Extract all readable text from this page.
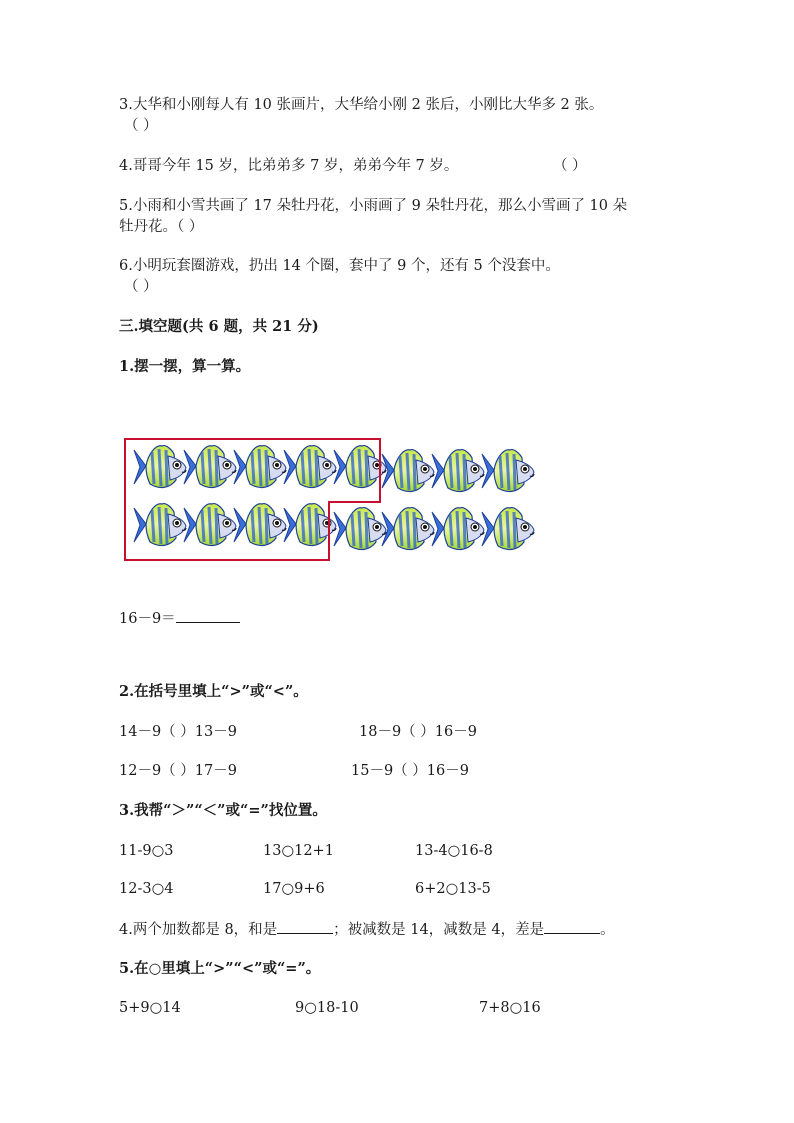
3.大华和小刚每人有 10 张画片，大华给小刚 2 张后，小刚比大华多 2 张。
（ ）
4.哥哥今年 15 岁，比弟弟多 7 岁，弟弟今年 7 岁。	（ ）
5.小雨和小雪共画了 17 朵牡丹花，小雨画了 9 朵牡丹花，那么小雪画了 10 朵
牡丹花。（ ）
6.小明玩套圈游戏，扔出 14 个圈，套中了 9 个，还有 5 个没套中。
（ ）
三.填空题(共 6 题，共 21 分)
1.摆一摆，算一算。
16－9＝
2.在括号里填上“>”或“<”。
14－9（ ）13－9	18－9（ ）16－9
12－9（ ）17－9	15－9（ ）16－9
3.我帮“＞”“＜”或“=”找位置。
11-9○3	13○12+1	13-4○16-8
12-3○4	17○9+6	6+2○13-5
4.两个加数都是 8，和是	；被减数是 14，减数是 4，差是	。
5.在○里填上“>”“<”或“=”。
5+9○14	9○18-10	7+8○16
